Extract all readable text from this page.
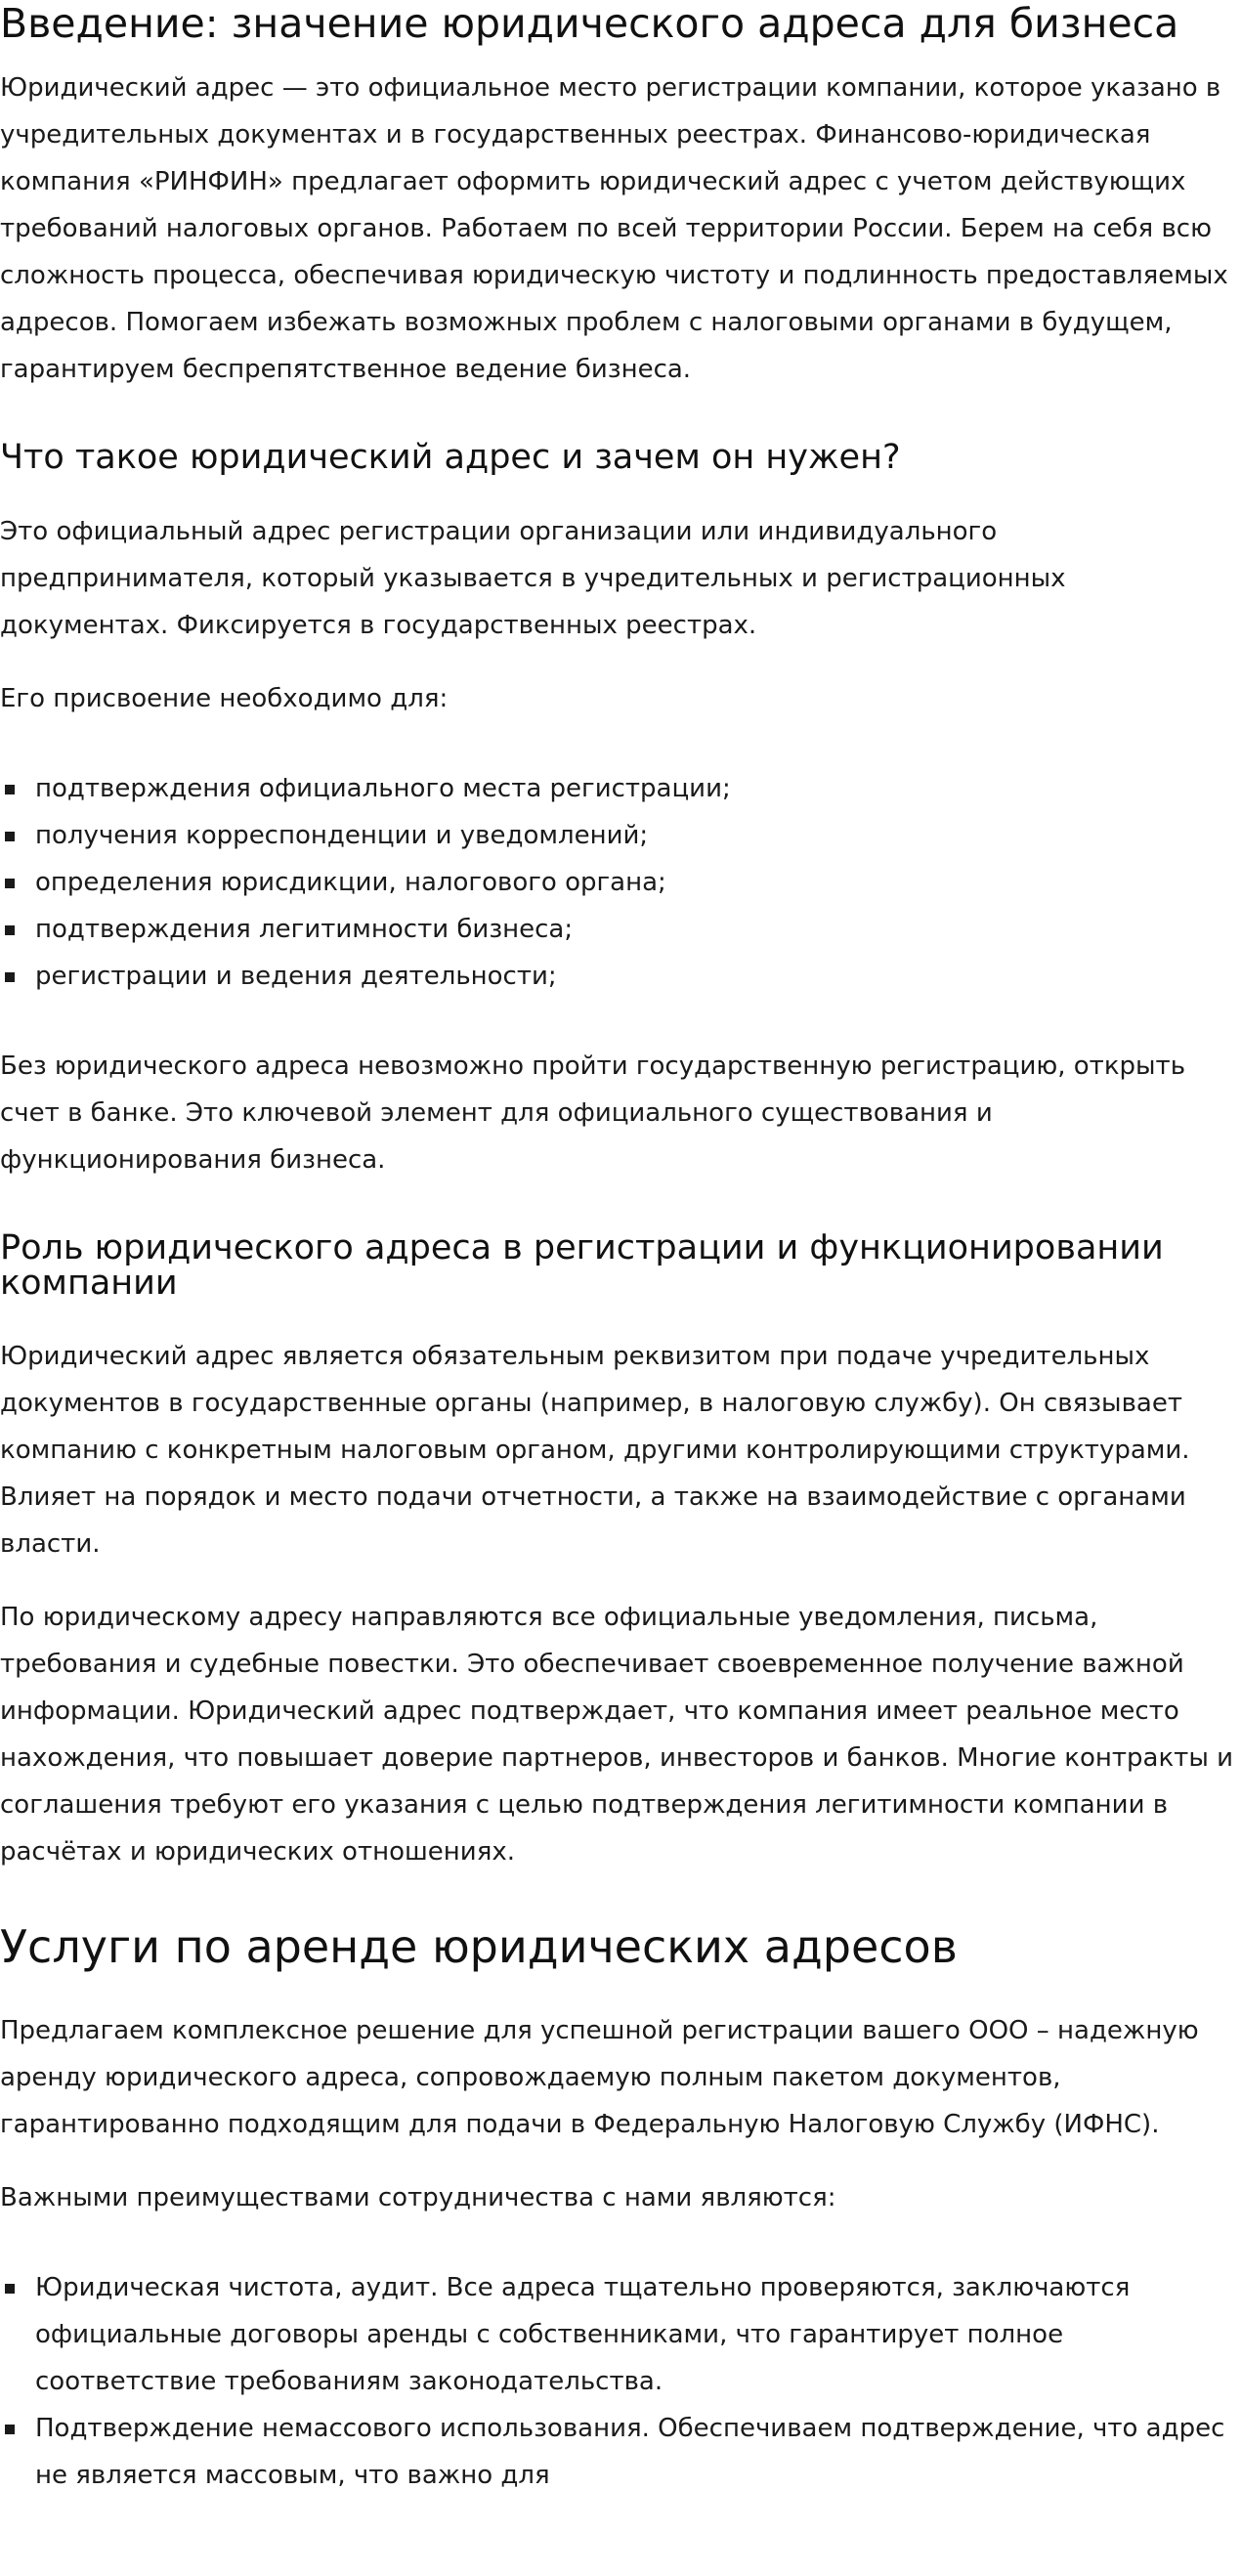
Введение: значение юридического адреса для бизнеса

Юридический адрес — это официальное место регистрации компании, которое указано в учредительных документах и в государственных реестрах. Финансово-юридическая компания «РИНФИН» предлагает оформить юридический адрес с учетом действующих требований налоговых органов. Работаем по всей территории России. Берем на себя всю сложность процесса, обеспечивая юридическую чистоту и подлинность предоставляемых адресов. Помогаем избежать возможных проблем с налоговыми органами в будущем, гарантируем беспрепятственное ведение бизнеса.

Что такое юридический адрес и зачем он нужен?

Это официальный адрес регистрации организации или индивидуального предпринимателя, который указывается в учредительных и регистрационных документах. Фиксируется в государственных реестрах.

Его присвоение необходимо для:

подтверждения официального места регистрации;
получения корреспонденции и уведомлений;
определения юрисдикции, налогового органа;
подтверждения легитимности бизнеса;
регистрации и ведения деятельности;

Без юридического адреса невозможно пройти государственную регистрацию, открыть счет в банке. Это ключевой элемент для официального существования и функционирования бизнеса.

Роль юридического адреса в регистрации и функционировании компании

Юридический адрес является обязательным реквизитом при подаче учредительных документов в государственные органы (например, в налоговую службу). Он связывает компанию с конкретным налоговым органом, другими контролирующими структурами. Влияет на порядок и место подачи отчетности, а также на взаимодействие с органами власти.

По юридическому адресу направляются все официальные уведомления, письма, требования и судебные повестки. Это обеспечивает своевременное получение важной информации. Юридический адрес подтверждает, что компания имеет реальное место нахождения, что повышает доверие партнеров, инвесторов и банков. Многие контракты и соглашения требуют его указания с целью подтверждения легитимности компании в расчётах и юридических отношениях.

Услуги по аренде юридических адресов

Предлагаем комплексное решение для успешной регистрации вашего ООО – надежную аренду юридического адреса, сопровождаемую полным пакетом документов, гарантированно подходящим для подачи в Федеральную Налоговую Службу (ИФНС).

Важными преимуществами сотрудничества с нами являются:

Юридическая чистота, аудит. Все адреса тщательно проверяются, заключаются официальные договоры аренды с собственниками, что гарантирует полное соответствие требованиям законодательства.
Подтверждение немассового использования. Обеспечиваем подтверждение, что адрес не является массовым, что важно для
